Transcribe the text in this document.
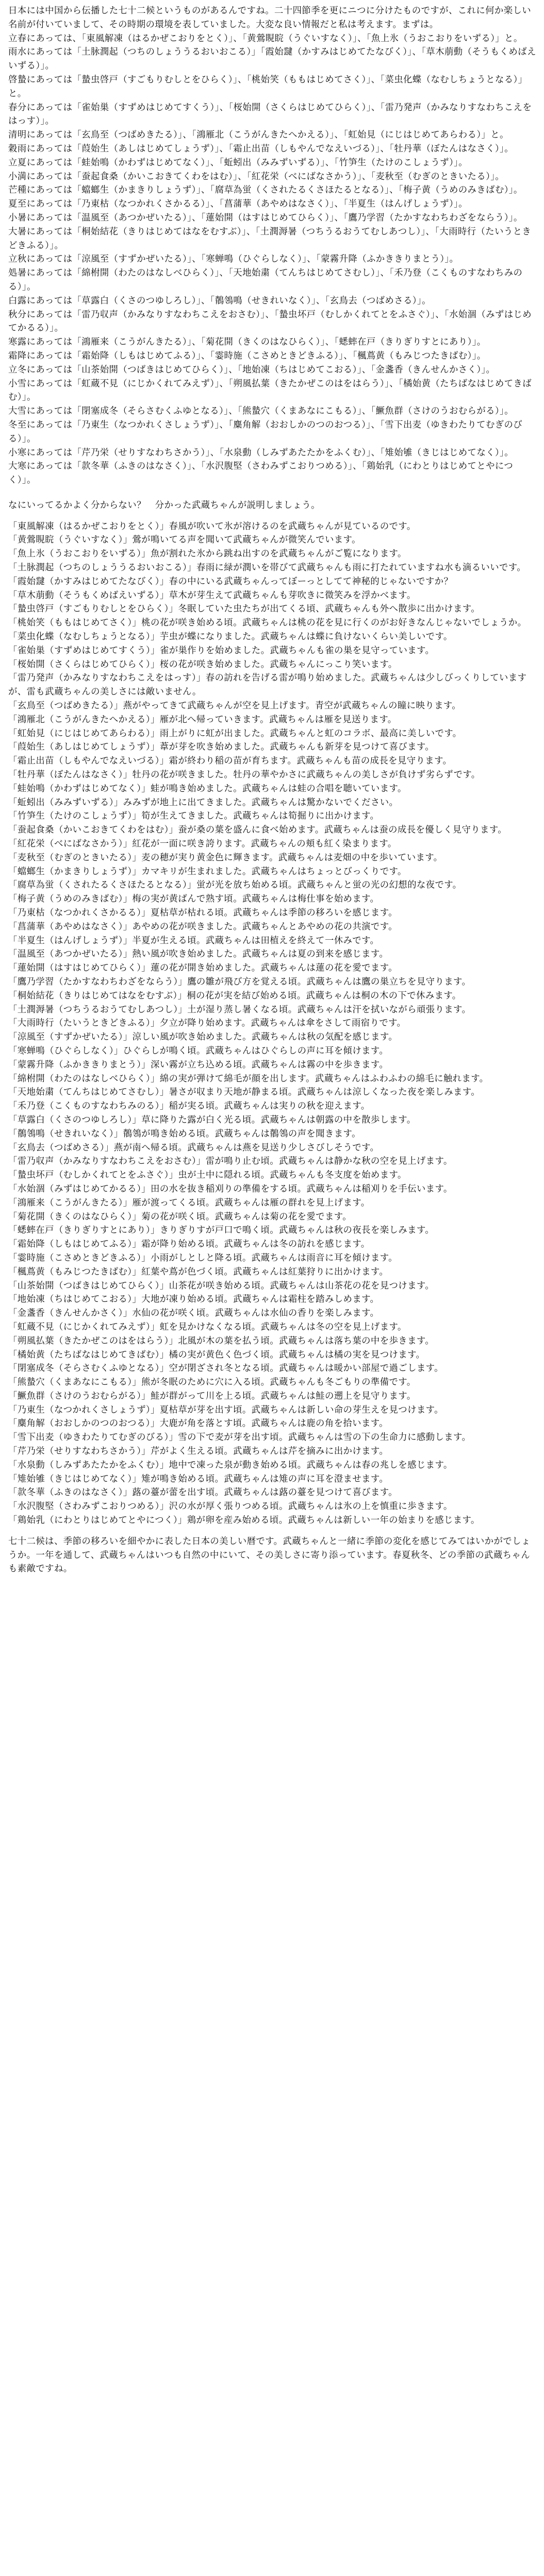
日本には中国から伝播した七十二候というものがあるんですね。二十四節季を更にニつに分けたものですが、これに何か楽しい名前が付いていまして、その時期の環境を表していました。大変な良い情報だと私は考えます。まずは。
立春にあっては、「東風解凍（はるかぜこおりをとく）」、「黄鶯睍睆（うぐいすなく）」、「魚上氷（うおこおりをいずる）」と。
雨水にあっては「土脉潤起（つちのしょううるおいおこる）」「霞始靆（かすみはじめてたなびく）」、「草木萠動（そうもくめばえいずる）」。
啓蟄にあっては「蟄虫啓戸（すごもりむしとをひらく）」、「桃始笑（ももはじめてさく）」、「菜虫化蝶（なむしちょうとなる）」と。
春分にあっては「雀始巣（すずめはじめてすくう）」、「桜始開（さくらはじめてひらく）」、「雷乃発声（かみなりすなわちこえをはっす）」。
清明にあっては「玄鳥至（つばめきたる）」、「鴻雁北（こうがんきたへかえる）」、「虹始見（にじはじめてあらわる）」と。
穀雨にあっては「葭始生（あしはじめてしょうず）」、「霜止出苗（しもやんでなえいづる）」、「牡丹華（ぼたんはなさく）」。
立夏にあっては「蛙始鳴（かわずはじめてなく）」、「蚯蚓出（みみずいずる）」、「竹笋生（たけのこしょうず）」。
小満にあっては「蚕起食桑（かいこおきてくわをはむ）」、「紅花栄（べにばなさかう）」、「麦秋至（むぎのときいたる）」。
芒種にあっては「蟷螂生（かまきりしょうず）」、「腐草為蛍（くされたるくさほたるとなる）」、「梅子黄（うめのみきばむ）」。
夏至にあっては「乃東枯（なつかれくさかるる）」、「菖蒲華（あやめはなさく）」、「半夏生（はんげしょうず）」。
小暑にあっては「温風至（あつかぜいたる）」、「蓮始開（はすはじめてひらく）」、「鷹乃学習（たかすなわちわざをならう）」。
大暑にあっては「桐始結花（きりはじめてはなをむすぶ）」、「土潤溽暑（つちうるおうてむしあつし）」、「大雨時行（たいうときどきふる）」。
立秋にあっては「涼風至（すずかぜいたる）」、「寒蝉鳴（ひぐらしなく）」、「蒙霧升降（ふかききりまとう）」。
処暑にあっては「綿柎開（わたのはなしべひらく）」、「天地始粛（てんちはじめてさむし）」、「禾乃登（こくものすなわちみのる）」。
白露にあっては「草露白（くさのつゆしろし）」、「鶺鴒鳴（せきれいなく）」、「玄鳥去（つばめさる）」。
秋分にあっては「雷乃収声（かみなりすなわちこえをおさむ）」、「蟄虫坏戸（むしかくれてとをふさぐ）」、「水始涸（みずはじめてかるる）」。
寒露にあっては「鴻雁来（こうがんきたる）」、「菊花開（きくのはなひらく）」、「蟋蟀在戸（きりぎりすとにあり）」。
霜降にあっては「霜始降（しもはじめてふる）」、「霎時施（こさめときどきふる）」、「楓蔦黄（もみじつたきばむ）」。
立冬にあっては「山茶始開（つばきはじめてひらく）」、「地始凍（ちはじめてこおる）」、「金盞香（きんせんかさく）」。
小雪にあっては「虹蔵不見（にじかくれてみえず）」、「朔風払葉（きたかぜこのはをはらう）」、「橘始黄（たちばなはじめてきばむ）」。
大雪にあっては「閉塞成冬（そらさむくふゆとなる）」、「熊蟄穴（くまあなにこもる）」、「鱖魚群（さけのうおむらがる）」。
冬至にあっては「乃東生（なつかれくさしょうず）」、「麋角解（おおしかのつのおつる）」、「雪下出麦（ゆきわたりてむぎのびる）」。
小寒にあっては「芹乃栄（せりすなわちさかう）」、「水泉動（しみずあたたかをふくむ）」、「雉始雊（きじはじめてなく）」。
大寒にあっては「款冬華（ふきのはなさく）」、「水沢腹堅（さわみずこおりつめる）」、「鶏始乳（にわとりはじめてとやにつく）」。

なにいってるかよく分からない？　分かった武蔵ちゃんが説明しましょう。

「東風解凍（はるかぜこおりをとく）」春風が吹いて氷が溶けるのを武蔵ちゃんが見ているのです。
「黄鶯睍睆（うぐいすなく）」鶯が鳴いてる声を聞いて武蔵ちゃんが微笑んでいます。
「魚上氷（うおこおりをいずる）」魚が割れた氷から跳ね出すのを武蔵ちゃんがご覧になります。
「土脉潤起（つちのしょううるおいおこる）」春雨に緑が潤いを帯びて武蔵ちゃんも雨に打たれていますね水も滴るいいです。
「霞始靆（かすみはじめてたなびく）」春の中にいる武蔵ちゃんってぼーっとしてて神秘的じゃないですか？
「草木萠動（そうもくめばえいずる）」草木が芽生えて武蔵ちゃんも芽吹きに微笑みを浮かべます。
「蟄虫啓戸（すごもりむしとをひらく）」冬眠していた虫たちが出てくる頃、武蔵ちゃんも外へ散歩に出かけます。
「桃始笑（ももはじめてさく）」桃の花が咲き始める頃。武蔵ちゃんは桃の花を見に行くのがお好きなんじゃないでしょうか。
「菜虫化蝶（なむしちょうとなる）」芋虫が蝶になりました。武蔵ちゃんは蝶に負けないくらい美しいです。
「雀始巣（すずめはじめてすくう）」雀が巣作りを始めました。武蔵ちゃんも雀の巣を見守っています。
「桜始開（さくらはじめてひらく）」桜の花が咲き始めました。武蔵ちゃんにっこり笑います。
「雷乃発声（かみなりすなわちこえをはっす）」春の訪れを告げる雷が鳴り始めました。武蔵ちゃんは少しびっくりしていますが、雷も武蔵ちゃんの美しさには敵いません。
「玄鳥至（つばめきたる）」燕がやってきて武蔵ちゃんが空を見上げます。青空が武蔵ちゃんの瞳に映ります。
「鴻雁北（こうがんきたへかえる）」雁が北へ帰っていきます。武蔵ちゃんは雁を見送ります。
「虹始見（にじはじめてあらわる）」雨上がりに虹が出ました。武蔵ちゃんと虹のコラボ、最高に美しいです。
「葭始生（あしはじめてしょうず）」葦が芽を吹き始めました。武蔵ちゃんも新芽を見つけて喜びます。
「霜止出苗（しもやんでなえいづる）」霜が終わり稲の苗が育ちます。武蔵ちゃんも苗の成長を見守ります。
「牡丹華（ぼたんはなさく）」牡丹の花が咲きました。牡丹の華やかさに武蔵ちゃんの美しさが負けず劣らずです。
「蛙始鳴（かわずはじめてなく）」蛙が鳴き始めました。武蔵ちゃんは蛙の合唱を聴いています。
「蚯蚓出（みみずいずる）」みみずが地上に出てきました。武蔵ちゃんは驚かないでください。
「竹笋生（たけのこしょうず）」筍が生えてきました。武蔵ちゃんは筍掘りに出かけます。
「蚕起食桑（かいこおきてくわをはむ）」蚕が桑の葉を盛んに食べ始めます。武蔵ちゃんは蚕の成長を優しく見守ります。
「紅花栄（べにばなさかう）」紅花が一面に咲き誇ります。武蔵ちゃんの頬も紅く染まります。
「麦秋至（むぎのときいたる）」麦の穂が実り黄金色に輝きます。武蔵ちゃんは麦畑の中を歩いています。
「蟷螂生（かまきりしょうず）」カマキリが生まれました。武蔵ちゃんはちょっとびっくりです。
「腐草為蛍（くされたるくさほたるとなる）」蛍が光を放ち始める頃。武蔵ちゃんと蛍の光の幻想的な夜です。
「梅子黄（うめのみきばむ）」梅の実が黄ばんで熟す頃。武蔵ちゃんは梅仕事を始めます。
「乃東枯（なつかれくさかるる）」夏枯草が枯れる頃。武蔵ちゃんは季節の移ろいを感じます。
「菖蒲華（あやめはなさく）」あやめの花が咲きました。武蔵ちゃんとあやめの花の共演です。
「半夏生（はんげしょうず）」半夏が生える頃。武蔵ちゃんは田植えを終えて一休みです。
「温風至（あつかぜいたる）」熱い風が吹き始めました。武蔵ちゃんは夏の到来を感じます。
「蓮始開（はすはじめてひらく）」蓮の花が開き始めました。武蔵ちゃんは蓮の花を愛でます。
「鷹乃学習（たかすなわちわざをならう）」鷹の雛が飛び方を覚える頃。武蔵ちゃんは鷹の巣立ちを見守ります。
「桐始結花（きりはじめてはなをむすぶ）」桐の花が実を結び始める頃。武蔵ちゃんは桐の木の下で休みます。
「土潤溽暑（つちうるおうてむしあつし）」土が湿り蒸し暑くなる頃。武蔵ちゃんは汗を拭いながら頑張ります。
「大雨時行（たいうときどきふる）」夕立が降り始めます。武蔵ちゃんは傘をさして雨宿りです。
「涼風至（すずかぜいたる）」涼しい風が吹き始めました。武蔵ちゃんは秋の気配を感じます。
「寒蝉鳴（ひぐらしなく）」ひぐらしが鳴く頃。武蔵ちゃんはひぐらしの声に耳を傾けます。
「蒙霧升降（ふかききりまとう）」深い霧が立ち込める頃。武蔵ちゃんは霧の中を歩きます。
「綿柎開（わたのはなしべひらく）」綿の実が弾けて綿毛が顔を出します。武蔵ちゃんはふわふわの綿毛に触れます。
「天地始粛（てんちはじめてさむし）」暑さが収まり天地が静まる頃。武蔵ちゃんは涼しくなった夜を楽しみます。
「禾乃登（こくものすなわちみのる）」稲が実る頃。武蔵ちゃんは実りの秋を迎えます。
「草露白（くさのつゆしろし）」草に降りた露が白く光る頃。武蔵ちゃんは朝露の中を散歩します。
「鶺鴒鳴（せきれいなく）」鶺鴒が鳴き始める頃。武蔵ちゃんは鶺鴒の声を聞きます。
「玄鳥去（つばめさる）」燕が南へ帰る頃。武蔵ちゃんは燕を見送り少しさびしそうです。
「雷乃収声（かみなりすなわちこえをおさむ）」雷が鳴り止む頃。武蔵ちゃんは静かな秋の空を見上げます。
「蟄虫坏戸（むしかくれてとをふさぐ）」虫が土中に隠れる頃。武蔵ちゃんも冬支度を始めます。
「水始涸（みずはじめてかるる）」田の水を抜き稲刈りの準備をする頃。武蔵ちゃんは稲刈りを手伝います。
「鴻雁来（こうがんきたる）」雁が渡ってくる頃。武蔵ちゃんは雁の群れを見上げます。
「菊花開（きくのはなひらく）」菊の花が咲く頃。武蔵ちゃんは菊の花を愛でます。
「蟋蟀在戸（きりぎりすとにあり）」きりぎりすが戸口で鳴く頃。武蔵ちゃんは秋の夜長を楽しみます。
「霜始降（しもはじめてふる）」霜が降り始める頃。武蔵ちゃんは冬の訪れを感じます。
「霎時施（こさめときどきふる）」小雨がしとしと降る頃。武蔵ちゃんは雨音に耳を傾けます。
「楓蔦黄（もみじつたきばむ）」紅葉や蔦が色づく頃。武蔵ちゃんは紅葉狩りに出かけます。
「山茶始開（つばきはじめてひらく）」山茶花が咲き始める頃。武蔵ちゃんは山茶花の花を見つけます。
「地始凍（ちはじめてこおる）」大地が凍り始める頃。武蔵ちゃんは霜柱を踏みしめます。
「金盞香（きんせんかさく）」水仙の花が咲く頃。武蔵ちゃんは水仙の香りを楽しみます。
「虹蔵不見（にじかくれてみえず）」虹を見かけなくなる頃。武蔵ちゃんは冬の空を見上げます。
「朔風払葉（きたかぜこのはをはらう）」北風が木の葉を払う頃。武蔵ちゃんは落ち葉の中を歩きます。
「橘始黄（たちばなはじめてきばむ）」橘の実が黄色く色づく頃。武蔵ちゃんは橘の実を見つけます。
「閉塞成冬（そらさむくふゆとなる）」空が閉ざされ冬となる頃。武蔵ちゃんは暖かい部屋で過ごします。
「熊蟄穴（くまあなにこもる）」熊が冬眠のために穴に入る頃。武蔵ちゃんも冬ごもりの準備です。
「鱖魚群（さけのうおむらがる）」鮭が群がって川を上る頃。武蔵ちゃんは鮭の遡上を見守ります。
「乃東生（なつかれくさしょうず）」夏枯草が芽を出す頃。武蔵ちゃんは新しい命の芽生えを見つけます。
「麋角解（おおしかのつのおつる）」大鹿が角を落とす頃。武蔵ちゃんは鹿の角を拾います。
「雪下出麦（ゆきわたりてむぎのびる）」雪の下で麦が芽を出す頃。武蔵ちゃんは雪の下の生命力に感動します。
「芹乃栄（せりすなわちさかう）」芹がよく生える頃。武蔵ちゃんは芹を摘みに出かけます。
「水泉動（しみずあたたかをふくむ）」地中で凍った泉が動き始める頃。武蔵ちゃんは春の兆しを感じます。
「雉始雊（きじはじめてなく）」雉が鳴き始める頃。武蔵ちゃんは雉の声に耳を澄ませます。
「款冬華（ふきのはなさく）」蕗の薹が蕾を出す頃。武蔵ちゃんは蕗の薹を見つけて喜びます。
「水沢腹堅（さわみずこおりつめる）」沢の水が厚く張りつめる頃。武蔵ちゃんは氷の上を慎重に歩きます。
「鶏始乳（にわとりはじめてとやにつく）」鶏が卵を産み始める頃。武蔵ちゃんは新しい一年の始まりを感じます。

七十二候は、季節の移ろいを細やかに表した日本の美しい暦です。武蔵ちゃんと一緒に季節の変化を感じてみてはいかがでしょうか。一年を通して、武蔵ちゃんはいつも自然の中にいて、その美しさに寄り添っています。春夏秋冬、どの季節の武蔵ちゃんも素敵ですね。
